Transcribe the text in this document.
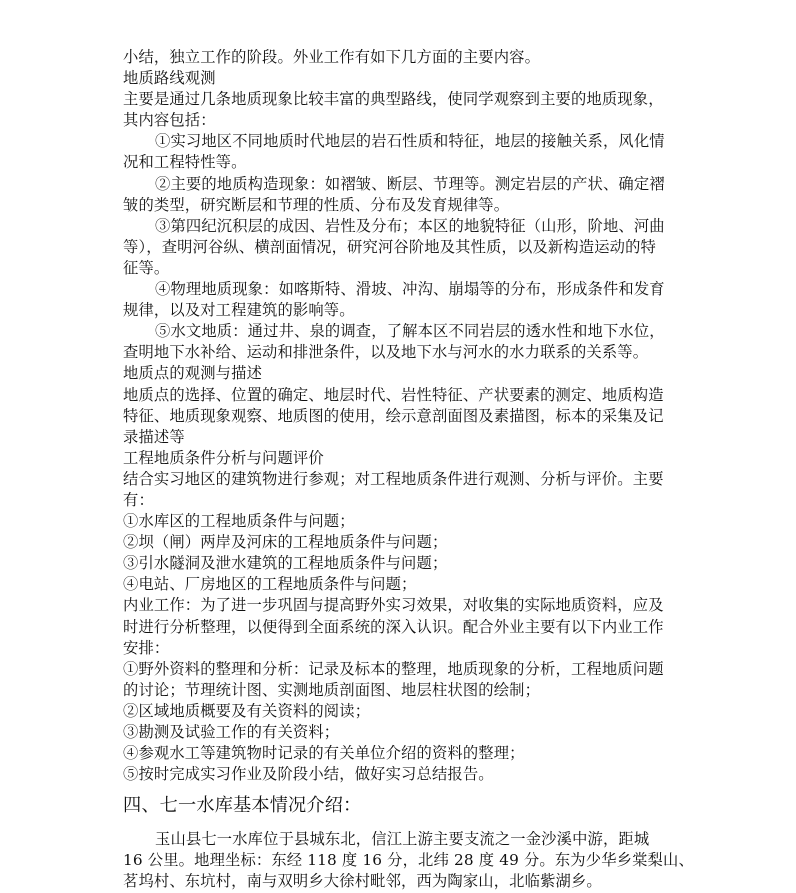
小结，独立工作的阶段。外业工作有如下几方面的主要内容。

地质路线观测

主要是通过几条地质现象比较丰富的典型路线，使同学观察到主要的地质现象，

其内容包括：

①实习地区不同地质时代地层的岩石性质和特征，地层的接触关系，风化情

况和工程特性等。

②主要的地质构造现象：如褶皱、断层、节理等。测定岩层的产状、确定褶

皱的类型，研究断层和节理的性质、分布及发育规律等。

③第四纪沉积层的成因、岩性及分布；本区的地貌特征（山形，阶地、河曲

等），查明河谷纵、横剖面情况，研究河谷阶地及其性质，以及新构造运动的特

征等。

④物理地质现象：如喀斯特、滑坡、冲沟、崩塌等的分布，形成条件和发育

规律，以及对工程建筑的影响等。

⑤水文地质：通过井、泉的调查，了解本区不同岩层的透水性和地下水位，

查明地下水补给、运动和排泄条件，以及地下水与河水的水力联系的关系等。

地质点的观测与描述

地质点的选择、位置的确定、地层时代、岩性特征、产状要素的测定、地质构造

特征、地质现象观察、地质图的使用，绘示意剖面图及素描图，标本的采集及记

录描述等

工程地质条件分析与问题评价

结合实习地区的建筑物进行参观；对工程地质条件进行观测、分析与评价。主要

有：

①水库区的工程地质条件与问题；

②坝（闸）两岸及河床的工程地质条件与问题；

③引水隧洞及泄水建筑的工程地质条件与问题；

④电站、厂房地区的工程地质条件与问题；

内业工作：为了进一步巩固与提高野外实习效果，对收集的实际地质资料，应及

时进行分析整理，以便得到全面系统的深入认识。配合外业主要有以下内业工作

安排：

①野外资料的整理和分析：记录及标本的整理，地质现象的分析，工程地质问题

的讨论；节理统计图、实测地质剖面图、地层柱状图的绘制；

②区域地质概要及有关资料的阅读；

③勘测及试验工作的有关资料；

④参观水工等建筑物时记录的有关单位介绍的资料的整理；

⑤按时完成实习作业及阶段小结，做好实习总结报告。

四、七一水库基本情况介绍：

玉山县七一水库位于县城东北，信江上游主要支流之一金沙溪中游，距城

16 公里。地理坐标：东经 118 度 16 分，北纬 28 度 49 分。东为少华乡棠梨山、

茗坞村、东坑村，南与双明乡大徐村毗邻，西为陶家山，北临紫湖乡。
